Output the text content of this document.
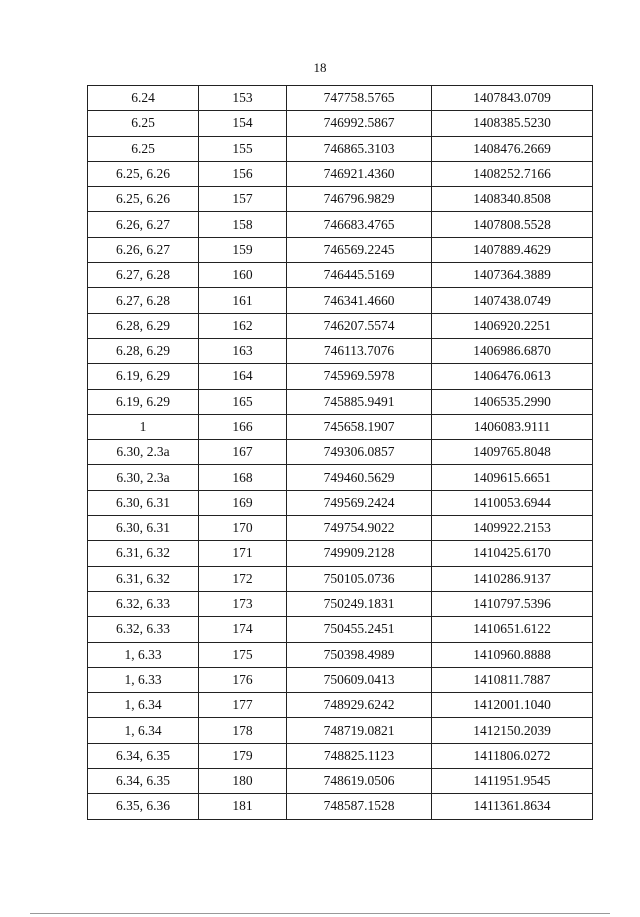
18
6.24	153	747758.5765	1407843.0709
6.25	154	746992.5867	1408385.5230
6.25	155	746865.3103	1408476.2669
6.25, 6.26	156	746921.4360	1408252.7166
6.25, 6.26	157	746796.9829	1408340.8508
6.26, 6.27	158	746683.4765	1407808.5528
6.26, 6.27	159	746569.2245	1407889.4629
6.27, 6.28	160	746445.5169	1407364.3889
6.27, 6.28	161	746341.4660	1407438.0749
6.28, 6.29	162	746207.5574	1406920.2251
6.28, 6.29	163	746113.7076	1406986.6870
6.19, 6.29	164	745969.5978	1406476.0613
6.19, 6.29	165	745885.9491	1406535.2990
1	166	745658.1907	1406083.9111
6.30, 2.3a	167	749306.0857	1409765.8048
6.30, 2.3a	168	749460.5629	1409615.6651
6.30, 6.31	169	749569.2424	1410053.6944
6.30, 6.31	170	749754.9022	1409922.2153
6.31, 6.32	171	749909.2128	1410425.6170
6.31, 6.32	172	750105.0736	1410286.9137
6.32, 6.33	173	750249.1831	1410797.5396
6.32, 6.33	174	750455.2451	1410651.6122
1, 6.33	175	750398.4989	1410960.8888
1, 6.33	176	750609.0413	1410811.7887
1, 6.34	177	748929.6242	1412001.1040
1, 6.34	178	748719.0821	1412150.2039
6.34, 6.35	179	748825.1123	1411806.0272
6.34, 6.35	180	748619.0506	1411951.9545
6.35, 6.36	181	748587.1528	1411361.8634
